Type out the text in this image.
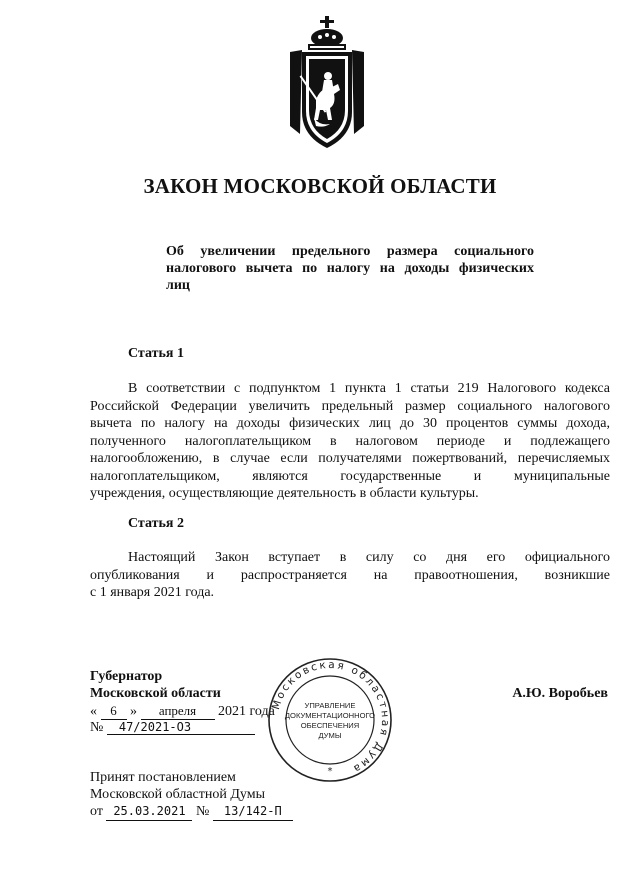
ЗАКОН МОСКОВСКОЙ ОБЛАСТИ
Об увеличении предельного размера социального
налогового вычета по налогу на доходы физических
лиц
Статья 1
В соответствии с подпунктом 1 пункта 1 статьи 219 Налогового кодекса
Российской Федерации увеличить предельный размер социального налогового
вычета по налогу на доходы физических лиц до 30 процентов суммы дохода,
полученного налогоплательщиком в налоговом периоде и подлежащего
налогообложению, в случае если получателями пожертвований, перечисляемых
налогоплательщиком, являются государственные и муниципальные
учреждения, осуществляющие деятельность в области культуры.
Статья 2
Настоящий Закон вступает в силу со дня его официального
опубликования и распространяется на правоотношения, возникшие
с 1 января 2021 года.
Губернатор
Московской области	А.Ю. Воробьев
« 6 » апреля 2021 года
№ 47/2021-ОЗ
Московская областная Дума
УПРАВЛЕНИЕ
ДОКУМЕНТАЦИОННОГО
ОБЕСПЕЧЕНИЯ
ДУМЫ
*
Принят постановлением
Московской областной Думы
от 25.03.2021 № 13/142-П
